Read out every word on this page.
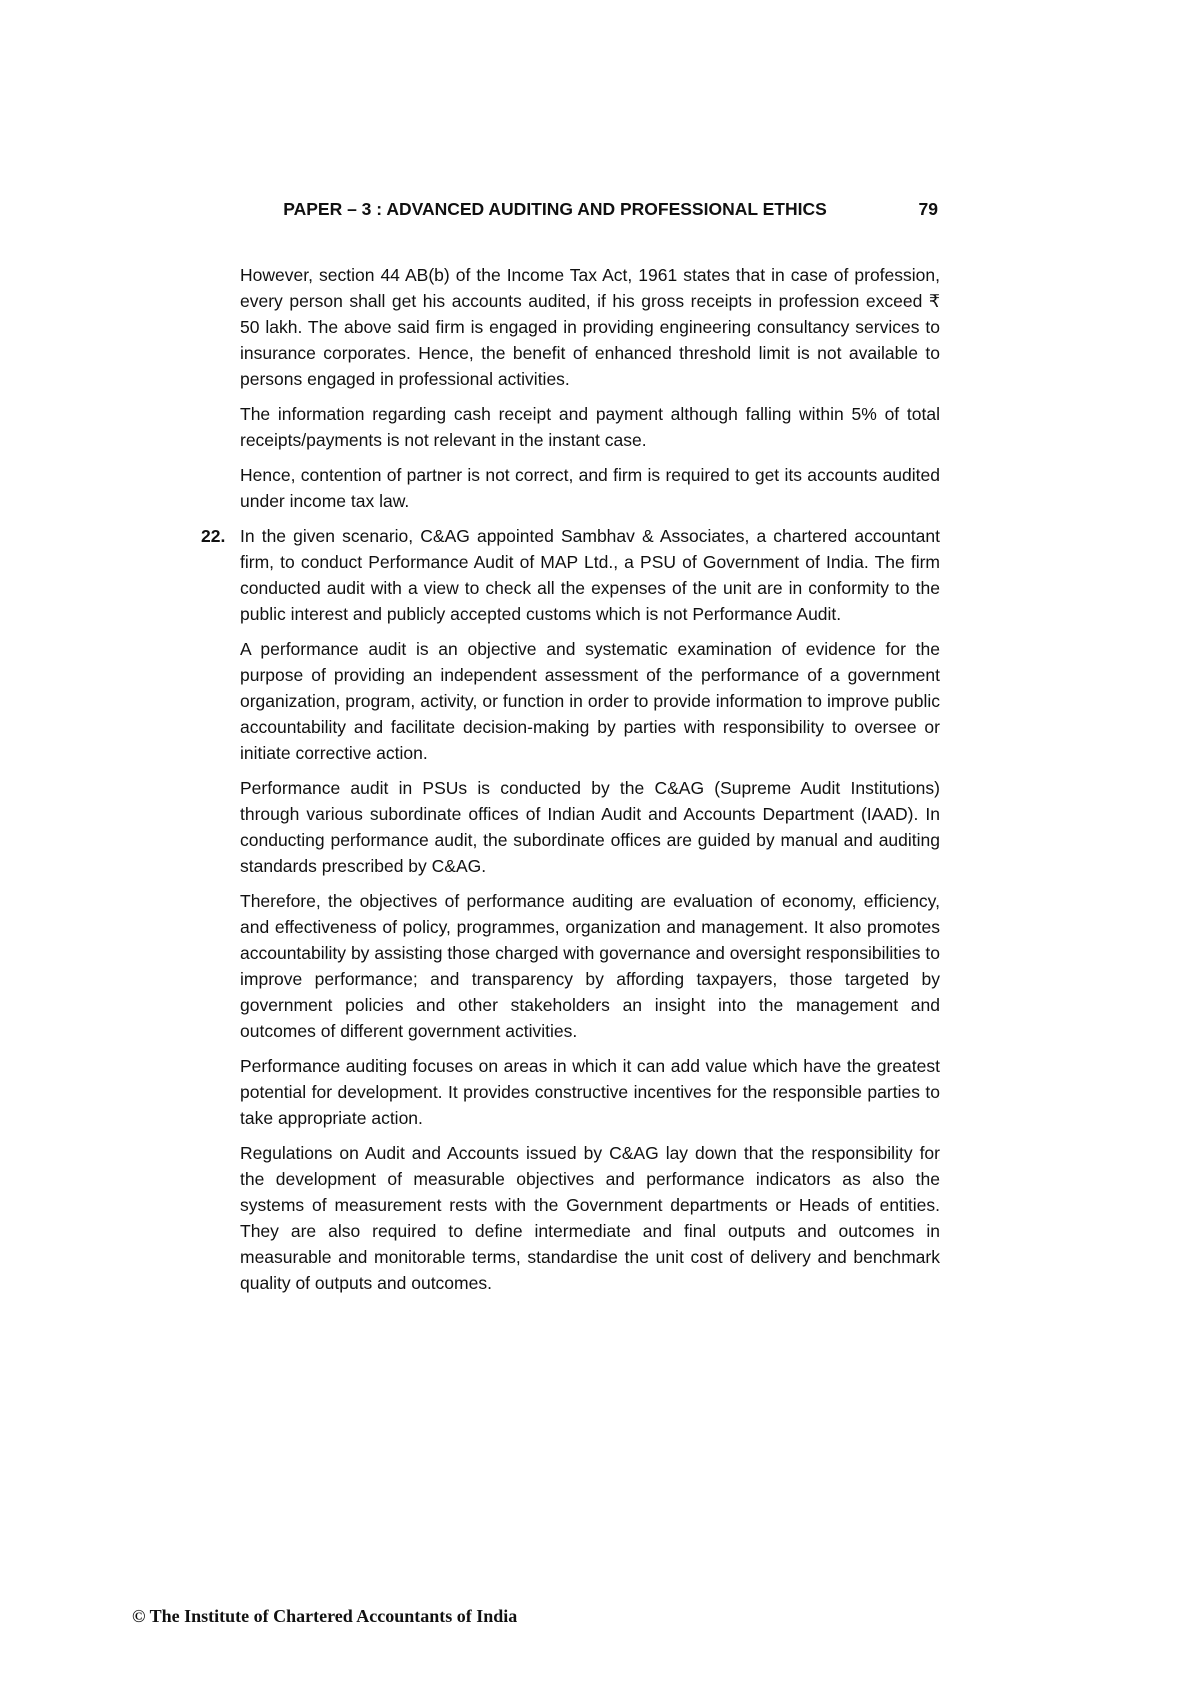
PAPER – 3 : ADVANCED AUDITING AND PROFESSIONAL ETHICS	79

However, section 44 AB(b) of the Income Tax Act, 1961 states that in case of profession, every person shall get his accounts audited, if his gross receipts in profession exceed ₹ 50 lakh. The above said firm is engaged in providing engineering consultancy services to insurance corporates. Hence, the benefit of enhanced threshold limit is not available to persons engaged in professional activities.

The information regarding cash receipt and payment although falling within 5% of total receipts/payments is not relevant in the instant case.

Hence, contention of partner is not correct, and firm is required to get its accounts audited under income tax law.

22. In the given scenario, C&AG appointed Sambhav & Associates, a chartered accountant firm, to conduct Performance Audit of MAP Ltd., a PSU of Government of India. The firm conducted audit with a view to check all the expenses of the unit are in conformity to the public interest and publicly accepted customs which is not Performance Audit.

A performance audit is an objective and systematic examination of evidence for the purpose of providing an independent assessment of the performance of a government organization, program, activity, or function in order to provide information to improve public accountability and facilitate decision-making by parties with responsibility to oversee or initiate corrective action.

Performance audit in PSUs is conducted by the C&AG (Supreme Audit Institutions) through various subordinate offices of Indian Audit and Accounts Department (IAAD). In conducting performance audit, the subordinate offices are guided by manual and auditing standards prescribed by C&AG.

Therefore, the objectives of performance auditing are evaluation of economy, efficiency, and effectiveness of policy, programmes, organization and management. It also promotes accountability by assisting those charged with governance and oversight responsibilities to improve performance; and transparency by affording taxpayers, those targeted by government policies and other stakeholders an insight into the management and outcomes of different government activities.

Performance auditing focuses on areas in which it can add value which have the greatest potential for development. It provides constructive incentives for the responsible parties to take appropriate action.

Regulations on Audit and Accounts issued by C&AG lay down that the responsibility for the development of measurable objectives and performance indicators as also the systems of measurement rests with the Government departments or Heads of entities. They are also required to define intermediate and final outputs and outcomes in measurable and monitorable terms, standardise the unit cost of delivery and benchmark quality of outputs and outcomes.

© The Institute of Chartered Accountants of India
